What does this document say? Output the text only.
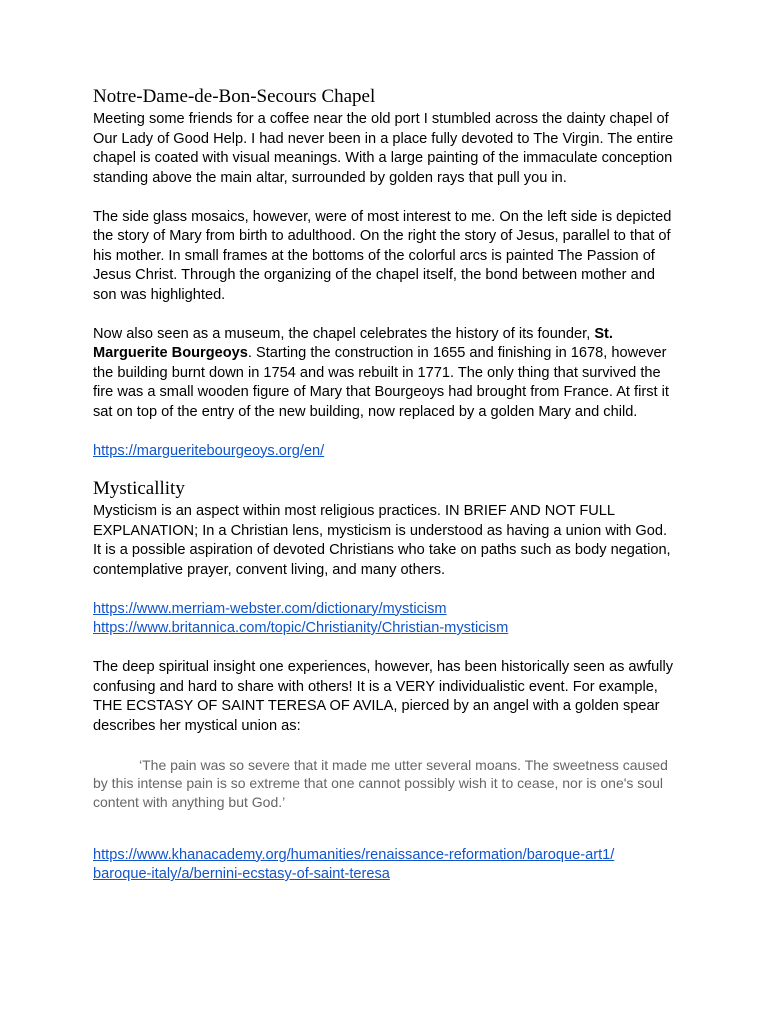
Notre-Dame-de-Bon-Secours Chapel

Meeting some friends for a coffee near the old port I stumbled across the dainty chapel of Our Lady of Good Help. I had never been in a place fully devoted to The Virgin. The entire chapel is coated with visual meanings. With a large painting of the immaculate conception standing above the main altar, surrounded by golden rays that pull you in.

The side glass mosaics, however, were of most interest to me. On the left side is depicted the story of Mary from birth to adulthood. On the right the story of Jesus, parallel to that of his mother. In small frames at the bottoms of the colorful arcs is painted The Passion of Jesus Christ. Through the organizing of the chapel itself, the bond between mother and son was highlighted.

Now also seen as a museum, the chapel celebrates the history of its founder, St. Marguerite Bourgeoys. Starting the construction in 1655 and finishing in 1678, however the building burnt down in 1754 and was rebuilt in 1771. The only thing that survived the fire was a small wooden figure of Mary that Bourgeoys had brought from France. At first it sat on top of the entry of the new building, now replaced by a golden Mary and child.

https://margueritebourgeoys.org/en/
Mysticallity

Mysticism is an aspect within most religious practices. IN BRIEF AND NOT FULL EXPLANATION; In a Christian lens, mysticism is understood as having a union with God. It is a possible aspiration of devoted Christians who take on paths such as body negation, contemplative prayer, convent living, and many others.

https://www.merriam-webster.com/dictionary/mysticism
https://www.britannica.com/topic/Christianity/Christian-mysticism

The deep spiritual insight one experiences, however, has been historically seen as awfully confusing and hard to share with others! It is a VERY individualistic event. For example, THE ECSTASY OF SAINT TERESA OF AVILA, pierced by an angel with a golden spear describes her mystical union as:

‘The pain was so severe that it made me utter several moans. The sweetness caused by this intense pain is so extreme that one cannot possibly wish it to cease, nor is one's soul content with anything but God.’

https://www.khanacademy.org/humanities/renaissance-reformation/baroque-art1/
baroque-italy/a/bernini-ecstasy-of-saint-teresa
